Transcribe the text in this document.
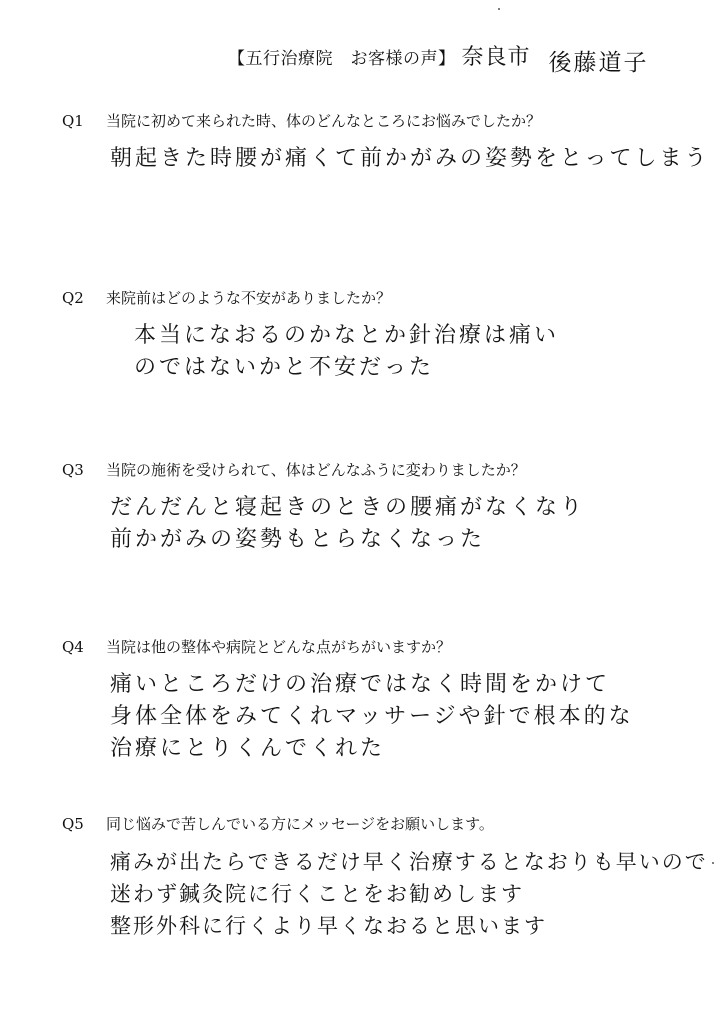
【五行治療院　お客様の声】 奈良市 後藤道子
Q1 当院に初めて来られた時、体のどんなところにお悩みでしたか？
朝起きた時腰が痛くて前かがみの姿勢をとってしまう
Q2 来院前はどのような不安がありましたか？
本当になおるのかなとか針治療は痛いのではないかと不安だった
Q3 当院の施術を受けられて、体はどんなふうに変わりましたか？
だんだんと寝起きのときの腰痛がなくなり
前かがみの姿勢もとらなくなった
Q4 当院は他の整体や病院とどんな点がちがいますか？
痛いところだけの治療ではなく時間をかけて
身体全体をみてくれマッサージや針で根本的な
治療にとりくんでくれた
Q5 同じ悩みで苦しんでいる方にメッセージをお願いします。
痛みが出たらできるだけ早く治療するとなおりも早いので
迷わず鍼灸院に行くことをお勧めします
整形外科に行くより早くなおると思います
